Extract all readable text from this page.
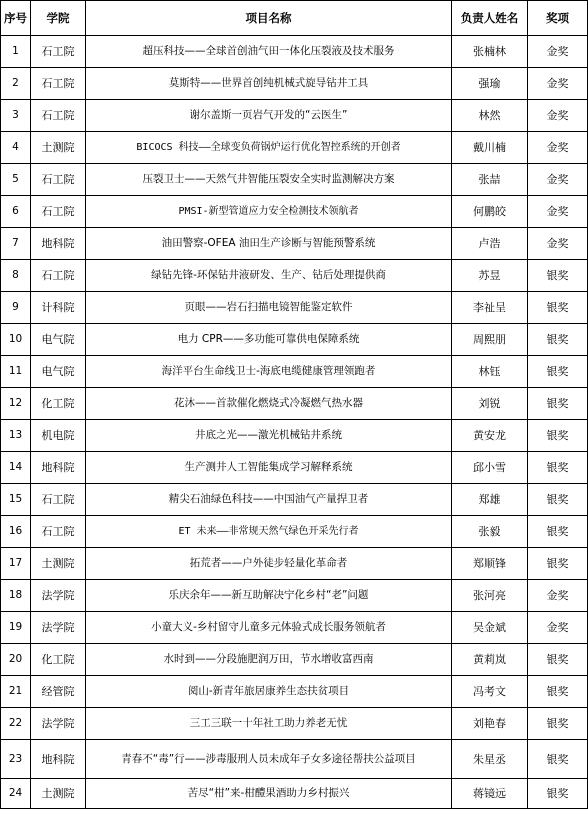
序号	学院	项目名称	负责人姓名	奖项
1	石工院	超压科技——全球首创油气田一体化压裂液及技术服务	张楠林	金奖
2	石工院	莫斯特——世界首创纯机械式旋导钻井工具	强瑜	金奖
3	石工院	谢尔盖斯一页岩气开发的“云医生”	林然	金奖
4	土测院	BICOCS 科技——全球变负荷锅炉运行优化智控系统的开创者	戴川楠	金奖
5	石工院	压裂卫士——天然气井智能压裂安全实时监测解决方案	张喆	金奖
6	石工院	PMSI-新型管道应力安全检测技术领航者	何鹏皎	金奖
7	地科院	油田警察-OFEA 油田生产诊断与智能预警系统	卢浩	金奖
8	石工院	绿钻先锋-环保钻井液研发、生产、钻后处理提供商	苏昱	银奖
9	计科院	页眼——岩石扫描电镜智能鉴定软件	李祉呈	银奖
10	电气院	电力 CPR——多功能可靠供电保障系统	周熙朋	银奖
11	电气院	海洋平台生命线卫士-海底电缆健康管理领跑者	林钰	银奖
12	化工院	花沐——首款催化燃烧式冷凝燃气热水器	刘锐	银奖
13	机电院	井底之光——激光机械钻井系统	黄安龙	银奖
14	地科院	生产测井人工智能集成学习解释系统	邱小雪	银奖
15	石工院	精尖石油绿色科技——中国油气产量捍卫者	郑雄	银奖
16	石工院	ET 未来——非常规天然气绿色开采先行者	张毅	银奖
17	土测院	拓荒者——户外徒步轻量化革命者	郑顺锋	银奖
18	法学院	乐庆余年——新互助解决宁化乡村“老”问题	张河亮	金奖
19	法学院	小童大义-乡村留守儿童多元体验式成长服务领航者	吴金斌	金奖
20	化工院	水时到——分段施肥润万田，节水增收富西南	黄莉岚	银奖
21	经管院	阅山-新青年旅居康养生态扶贫项目	冯考文	银奖
22	法学院	三工三联一十年社工助力养老无忧	刘艳春	银奖
23	地科院	青春不“毒”行——涉毒服刑人员未成年子女多途径帮扶公益项目	朱星丞	银奖
24	土测院	苦尽“柑”来-柑醴果酒助力乡村振兴	蒋镜远	银奖
